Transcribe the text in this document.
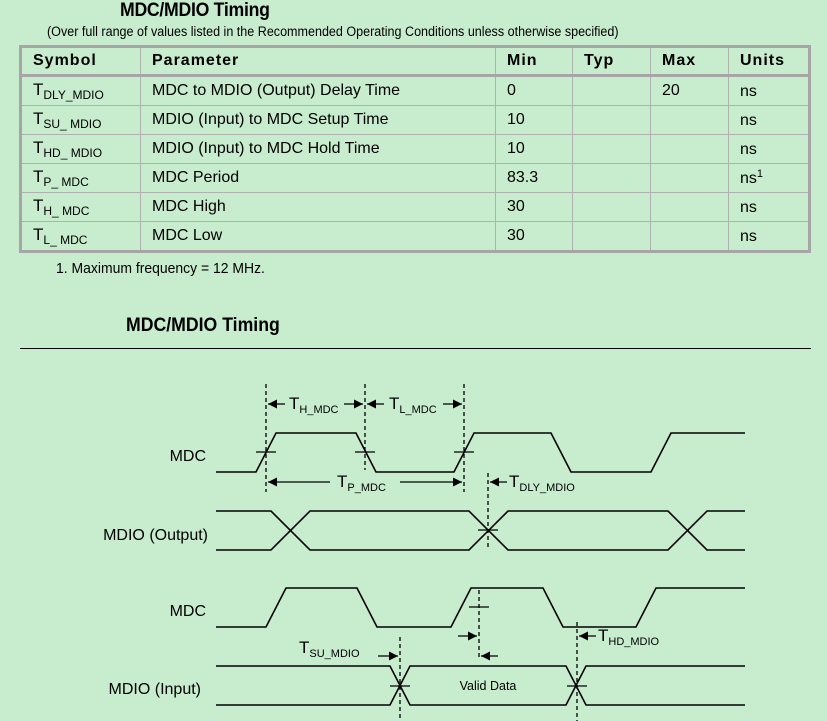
MDC/MDIO Timing
(Over full range of values listed in the Recommended Operating Conditions unless otherwise specified)
Symbol	Parameter	Min	Typ	Max	Units
$T_{DLY\_MDIO}$	MDC to MDIO (Output) Delay Time	0		20	ns
$T_{SU\_ MDIO}$	MDIO (Input) to MDC Setup Time	10			ns
$T_{HD\_ MDIO}$	MDIO (Input) to MDC Hold Time	10			ns
$T_{P\_ MDC}$	MDC Period	83.3			$ns^1$
$T_{H\_ MDC}$	MDC High	30			ns
$T_{L\_ MDC}$	MDC Low	30			ns
1. Maximum frequency = 12 MHz.
MDC/MDIO Timing
MDC
MDIO (Output)
MDC
MDIO (Input)
$T_{H\_MDC}$	$T_{L\_MDC}$
$T_{P\_MDC}$	$T_{DLY\_MDIO}$
$T_{SU\_MDIO}$
$T_{HD\_MDIO}$
Valid Data
